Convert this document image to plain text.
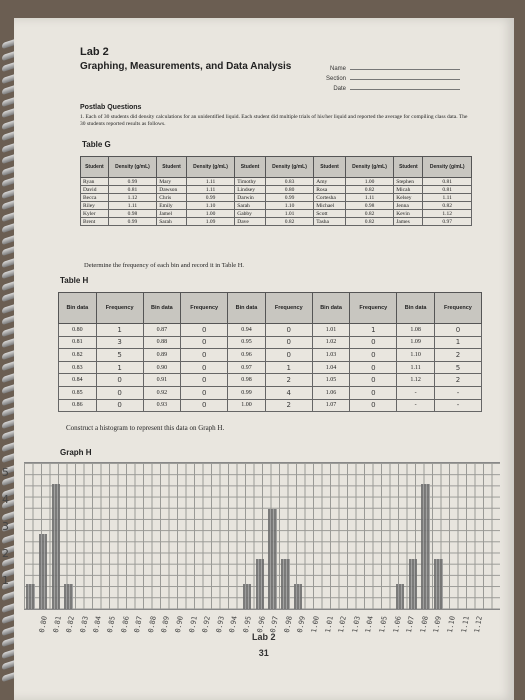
Lab 2
Graphing, Measurements, and Data Analysis	Name
Section
Date
Postlab Questions
1. Each of 30 students did density calculations for an unidentified liquid. Each student did multiple trials of his/her liquid and reported the average for compiling class data. The 30 students reported results as follows.
Table G
Student	Density (g/mL)	Student	Density (g/mL)	Student	Density (g/mL)	Student	Density (g/mL)	Student	Density (g/mL)
Ryan	0.99	Mary	1.11	Timothy	0.83	Amy	1.00	Stephen	0.81
David	0.81	Dawson	1.11	Lindsey	0.80	Rosa	0.82	Micah	0.81
Becca	1.12	Chris	0.99	Darwin	0.99	Cortesha	1.11	Kelsey	1.11
Riley	1.11	Emily	1.10	Sarah	1.10	Michael	0.98	Jenna	0.82
Kyler	0.98	Jamel	1.00	Gabby	1.01	Scott	0.82	Kevin	1.12
Brent	0.99	Sarah	1.09	Dave	0.82	Tasha	0.82	James	0.97
Determine the frequency of each bin and record it in Table H.
Table H
Bin data	Frequency	Bin data	Frequency	Bin data	Frequency	Bin data	Frequency	Bin data	Frequency
0.80	1	0.87	0	0.94	0	1.01	1	1.08	0
0.81	3	0.88	0	0.95	0	1.02	0	1.09	1
0.82	5	0.89	0	0.96	0	1.03	0	1.10	2
0.83	1	0.90	0	0.97	1	1.04	0	1.11	5
0.84	0	0.91	0	0.98	2	1.05	0	1.12	2
0.85	0	0.92	0	0.99	4	1.06	0	-	-
0.86	0	0.93	0	1.00	2	1.07	0	-	-
Construct a histogram to represent this data on Graph H.
Graph H
5
4
3
2
1
0.80 0.81 0.82 0.83 0.84 0.85 0.86 0.87 0.88 0.89 0.90 0.91 0.92 0.93 0.94 0.95 0.96 0.97 0.98 0.99 1.00 1.01 1.02 1.03 1.04 1.05 1.06 1.07 1.08 1.09 1.10 1.11 1.12
Lab 2
31
